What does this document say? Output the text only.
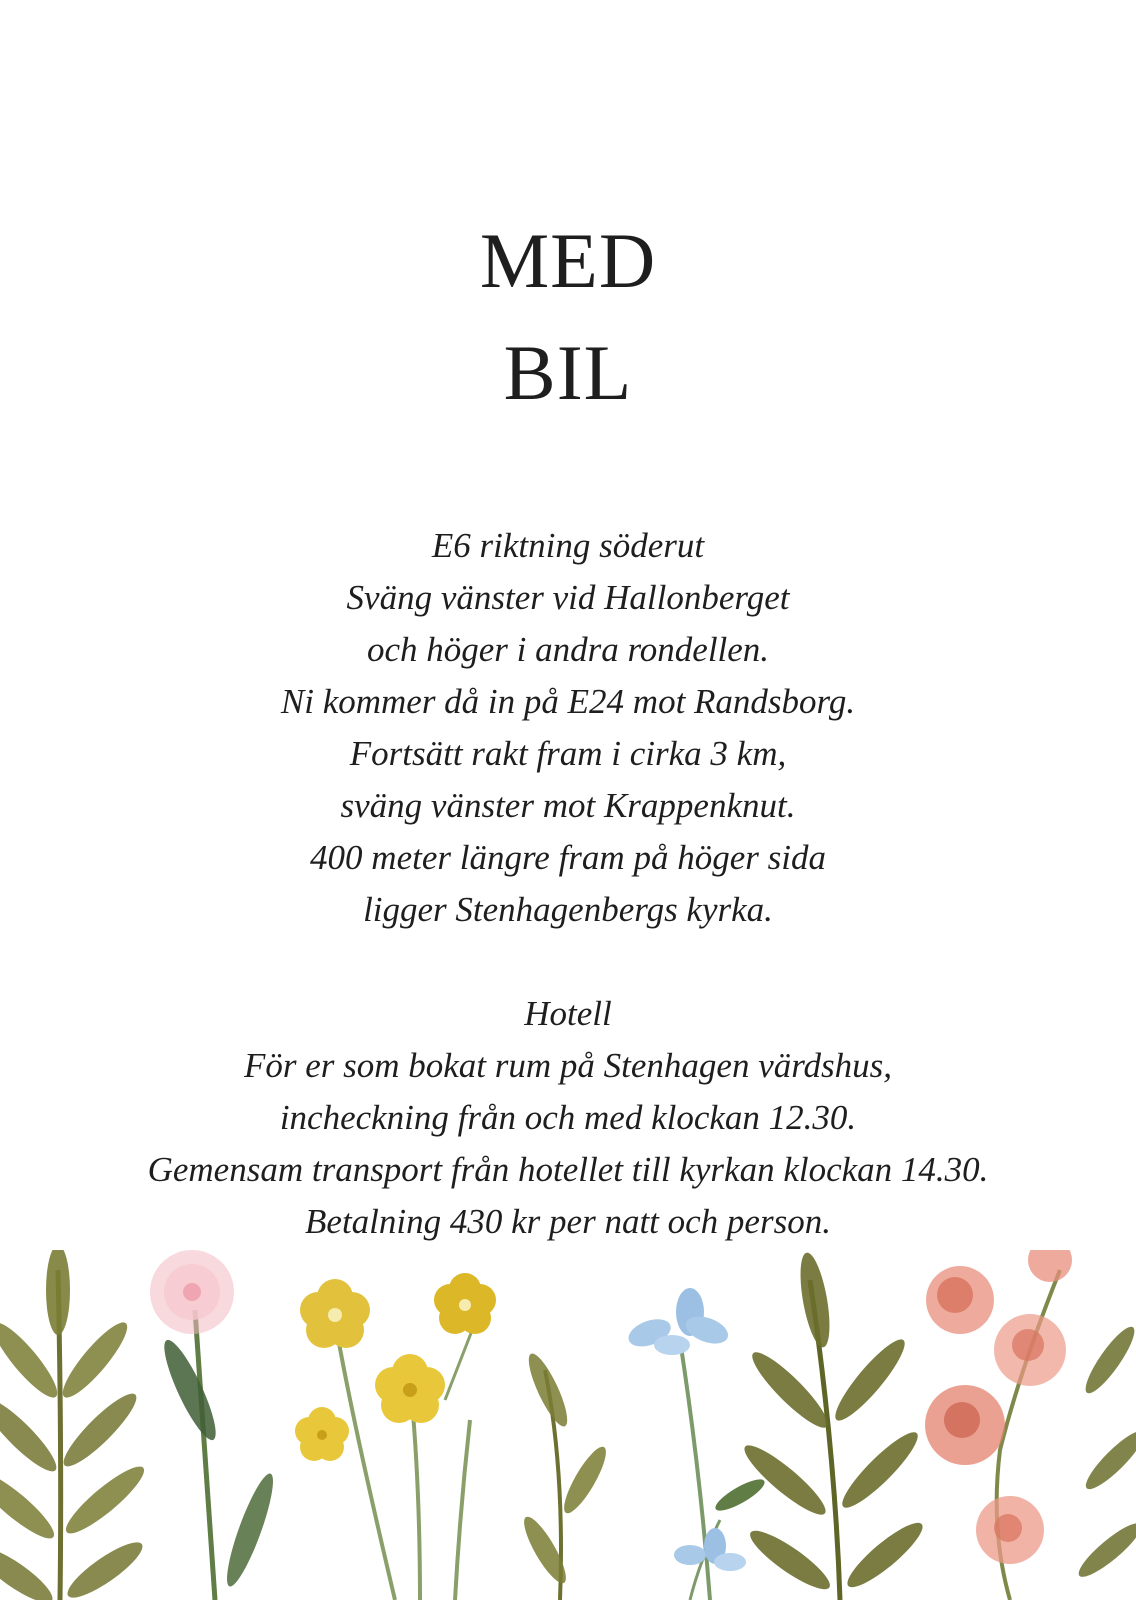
MED
BIL
E6 riktning söderut
Sväng vänster vid Hallonberget
och höger i andra rondellen.
Ni kommer då in på E24 mot Randsborg.
Fortsätt rakt fram i cirka 3 km,
sväng vänster mot Krappenknut.
400 meter längre fram på höger sida
ligger Stenhagenbergs kyrka.
Hotell
För er som bokat rum på Stenhagen värdshus,
incheckning från och med klockan 12.30.
Gemensam transport från hotellet till kyrkan klockan 14.30.
Betalning 430 kr per natt och person.
